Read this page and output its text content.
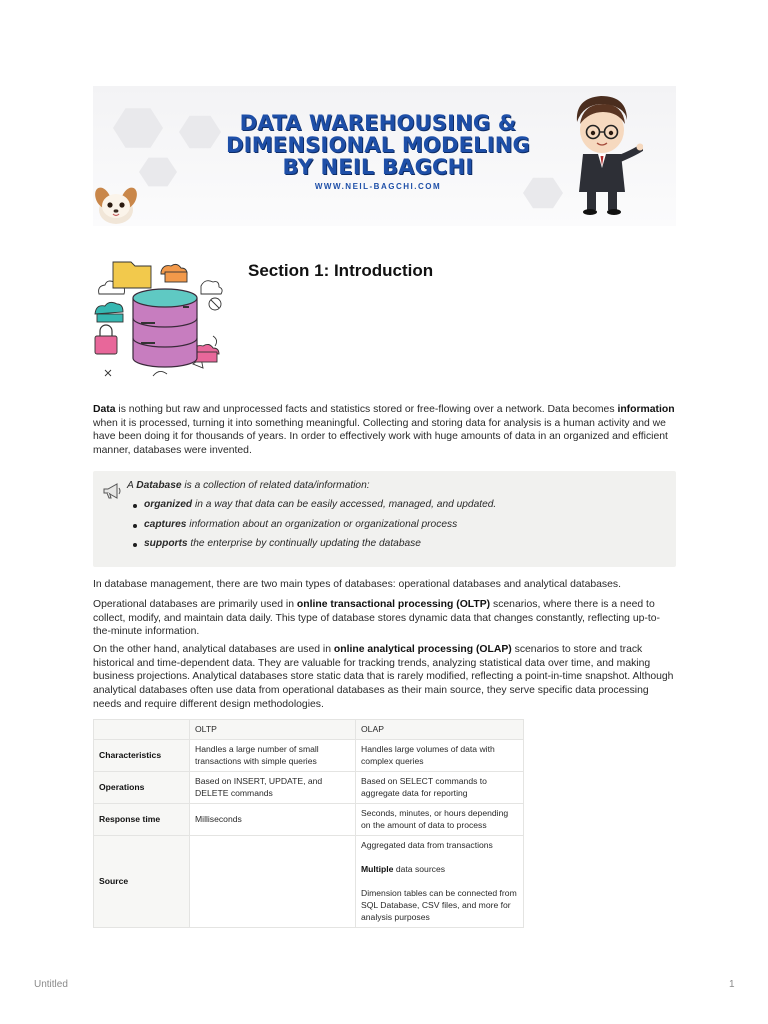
DATA WAREHOUSING &
DIMENSIONAL MODELING
BY NEIL BAGCHI
WWW.NEIL-BAGCHI.COM
Section 1: Introduction

Data is nothing but raw and unprocessed facts and statistics stored or free-flowing over a network. Data becomes information when it is processed, turning it into something meaningful. Collecting and storing data for analysis is a human activity and we have been doing it for thousands of years. In order to effectively work with huge amounts of data in an organized and efficient manner, databases were invented.

A Database is a collection of related data/information:

organized in a way that data can be easily accessed, managed, and updated.
captures information about an organization or organizational process
supports the enterprise by continually updating the database

In database management, there are two main types of databases: operational databases and analytical databases.

Operational databases are primarily used in online transactional processing (OLTP) scenarios, where there is a need to collect, modify, and maintain data daily. This type of database stores dynamic data that changes constantly, reflecting up-to-the-minute information.

On the other hand, analytical databases are used in online analytical processing (OLAP) scenarios to store and track historical and time-dependent data. They are valuable for tracking trends, analyzing statistical data over time, and making business projections. Analytical databases store static data that is rarely modified, reflecting a point-in-time snapshot. Although analytical databases often use data from operational databases as their main source, they serve specific data processing needs and require different design methodologies.

	OLTP	OLAP
Characteristics	Handles a large number of small transactions with simple queries	Handles large volumes of data with complex queries
Operations	Based on INSERT, UPDATE, and DELETE commands	Based on SELECT commands to aggregate data for reporting
Response time	Milliseconds	Seconds, minutes, or hours depending on the amount of data to process
Source		Aggregated data from transactions

Multiple data sources

Dimension tables can be connected from SQL Database, CSV files, and more for analysis purposes

Untitled	1
